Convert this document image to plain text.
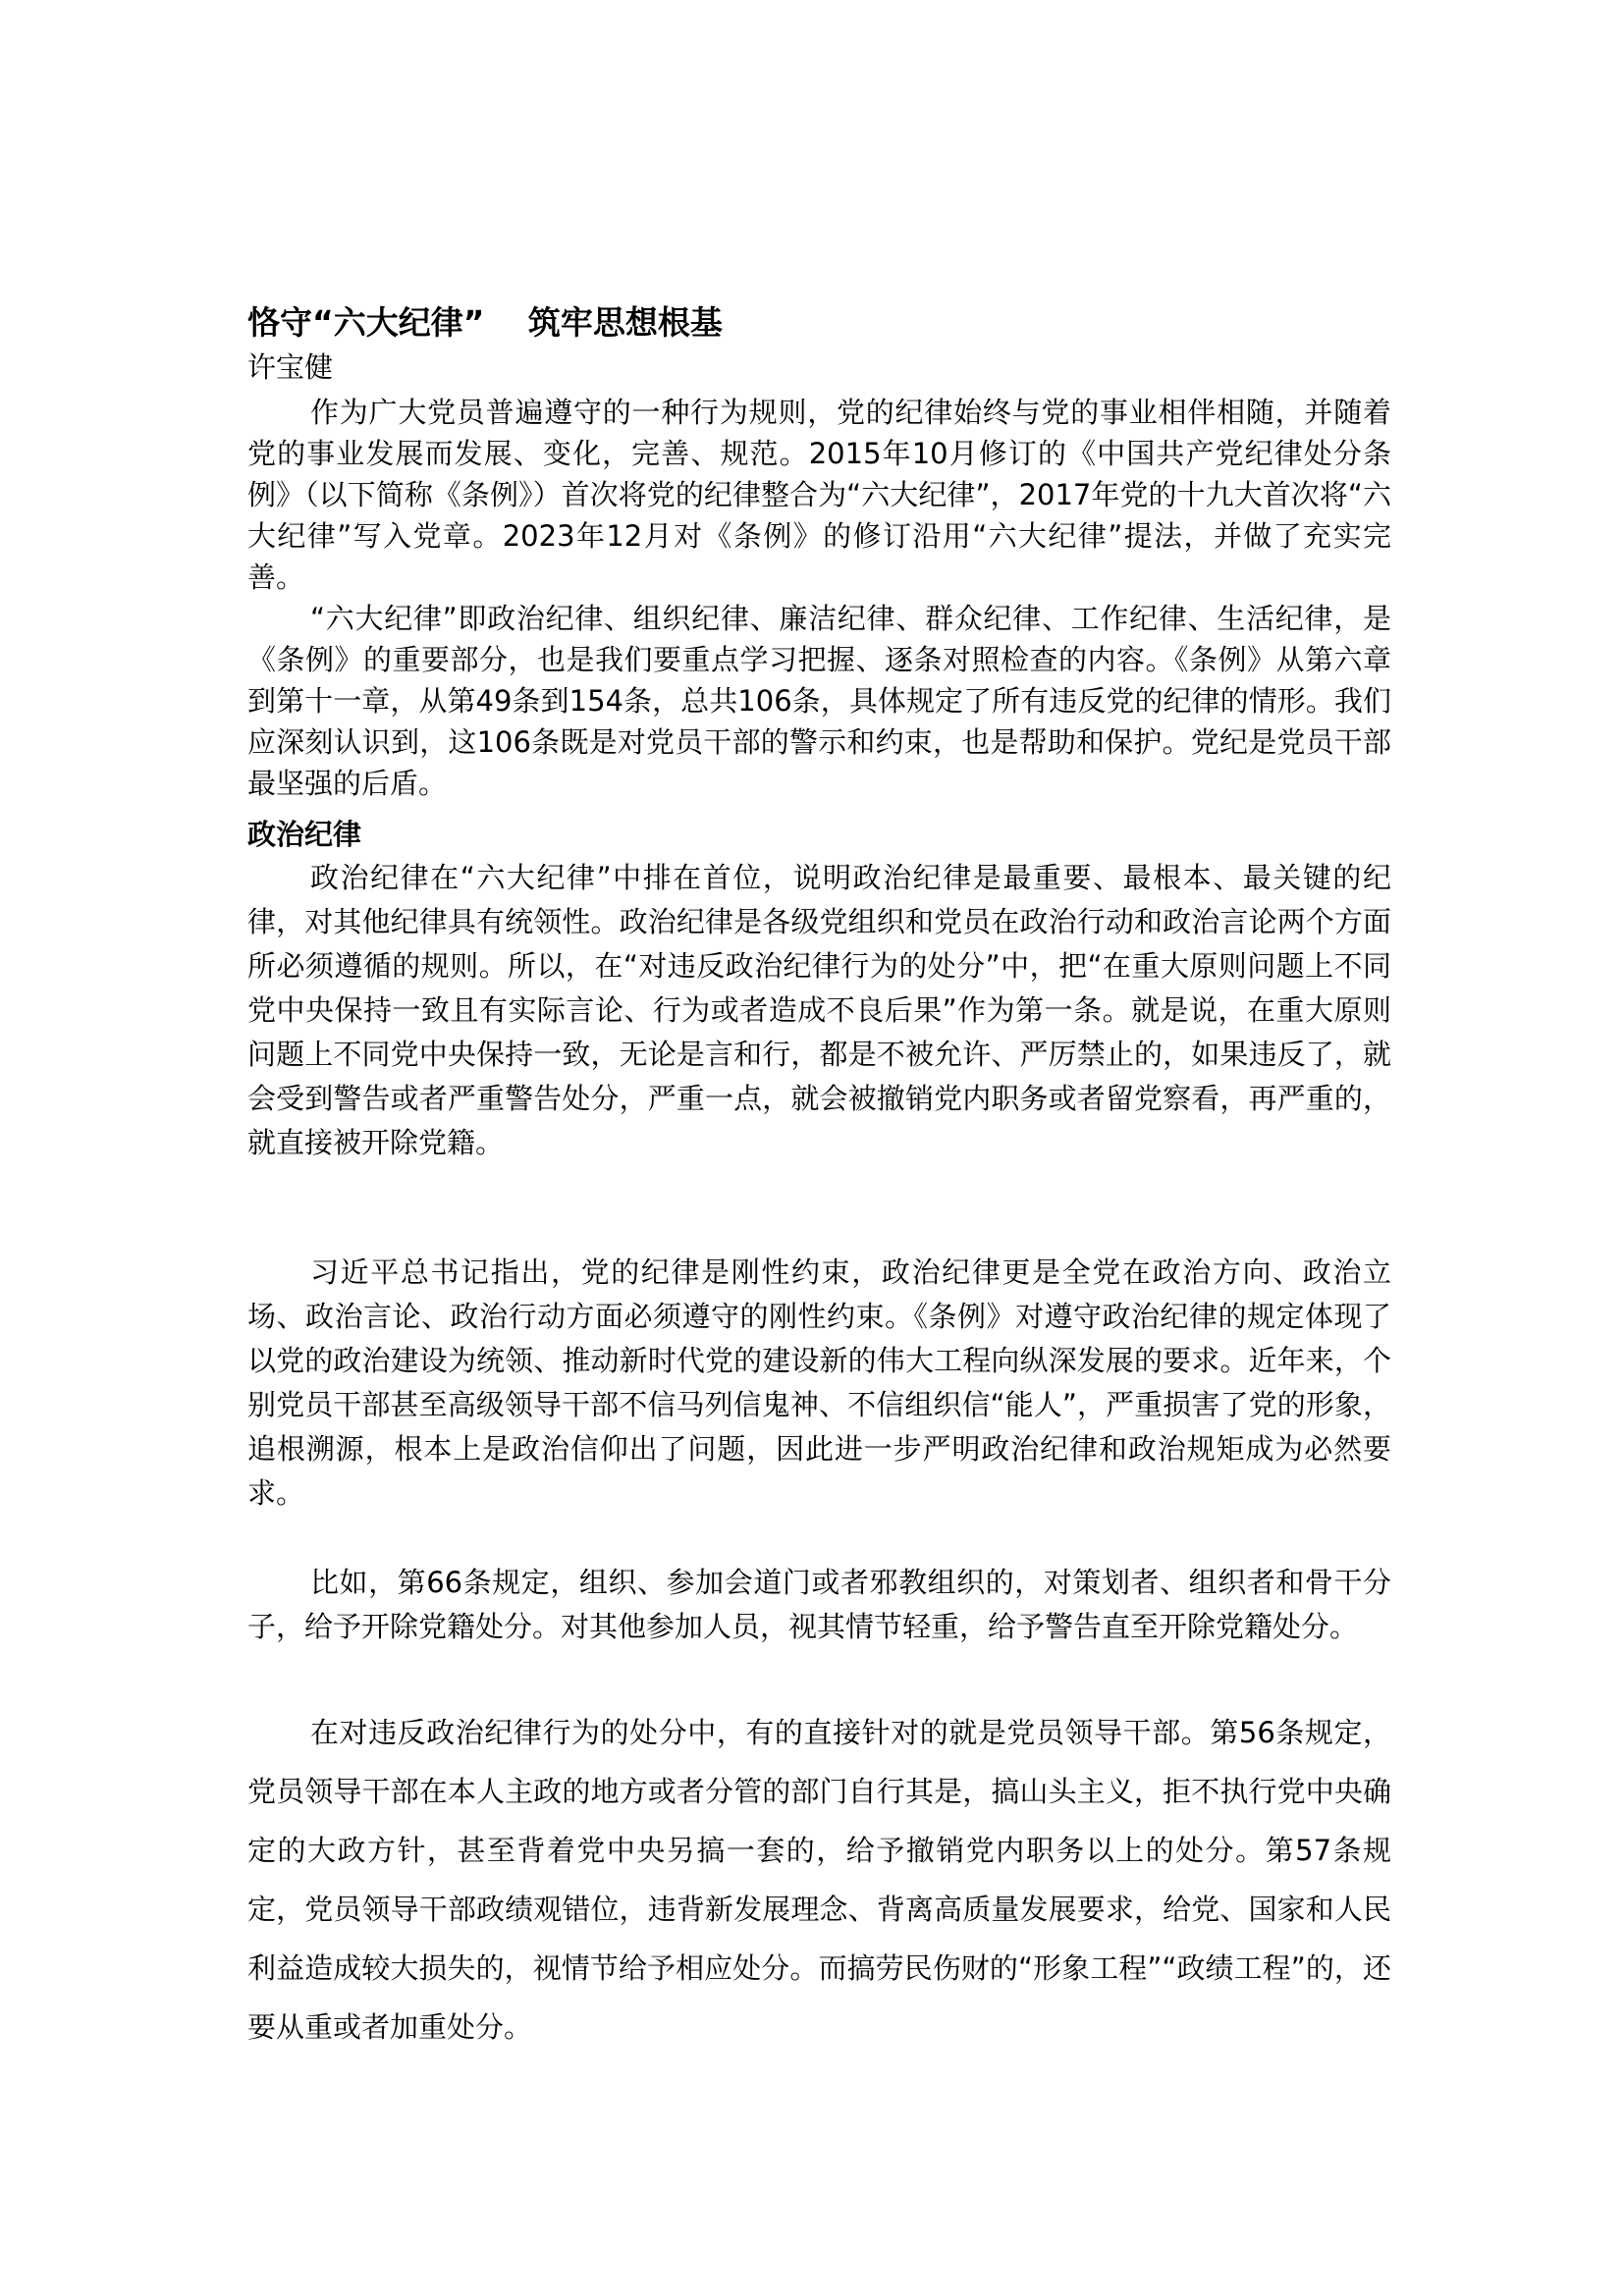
恪守“六大纪律”　 筑牢思想根基
许宝健

作为广大党员普遍遵守的一种行为规则，党的纪律始终与党的事业相伴相随，并随着党的事业发展而发展、变化，完善、规范。2015年10月修订的《中国共产党纪律处分条例》（以下简称《条例》）首次将党的纪律整合为“六大纪律”，2017年党的十九大首次将“六大纪律”写入党章。2023年12月对《条例》的修订沿用“六大纪律”提法，并做了充实完善。

“六大纪律”即政治纪律、组织纪律、廉洁纪律、群众纪律、工作纪律、生活纪律，是《条例》的重要部分，也是我们要重点学习把握、逐条对照检查的内容。《条例》从第六章到第十一章，从第49条到154条，总共106条，具体规定了所有违反党的纪律的情形。我们应深刻认识到，这106条既是对党员干部的警示和约束，也是帮助和保护。党纪是党员干部最坚强的后盾。

政治纪律

政治纪律在“六大纪律”中排在首位，说明政治纪律是最重要、最根本、最关键的纪律，对其他纪律具有统领性。政治纪律是各级党组织和党员在政治行动和政治言论两个方面所必须遵循的规则。所以，在“对违反政治纪律行为的处分”中，把“在重大原则问题上不同党中央保持一致且有实际言论、行为或者造成不良后果”作为第一条。就是说，在重大原则问题上不同党中央保持一致，无论是言和行，都是不被允许、严厉禁止的，如果违反了，就会受到警告或者严重警告处分，严重一点，就会被撤销党内职务或者留党察看，再严重的，就直接被开除党籍。

习近平总书记指出，党的纪律是刚性约束，政治纪律更是全党在政治方向、政治立场、政治言论、政治行动方面必须遵守的刚性约束。《条例》对遵守政治纪律的规定体现了以党的政治建设为统领、推动新时代党的建设新的伟大工程向纵深发展的要求。近年来，个别党员干部甚至高级领导干部不信马列信鬼神、不信组织信“能人”，严重损害了党的形象，追根溯源，根本上是政治信仰出了问题，因此进一步严明政治纪律和政治规矩成为必然要求。

比如，第66条规定，组织、参加会道门或者邪教组织的，对策划者、组织者和骨干分子，给予开除党籍处分。对其他参加人员，视其情节轻重，给予警告直至开除党籍处分。

在对违反政治纪律行为的处分中，有的直接针对的就是党员领导干部。第56条规定，党员领导干部在本人主政的地方或者分管的部门自行其是，搞山头主义，拒不执行党中央确定的大政方针，甚至背着党中央另搞一套的，给予撤销党内职务以上的处分。第57条规定，党员领导干部政绩观错位，违背新发展理念、背离高质量发展要求，给党、国家和人民利益造成较大损失的，视情节给予相应处分。而搞劳民伤财的“形象工程”“政绩工程”的，还要从重或者加重处分。
